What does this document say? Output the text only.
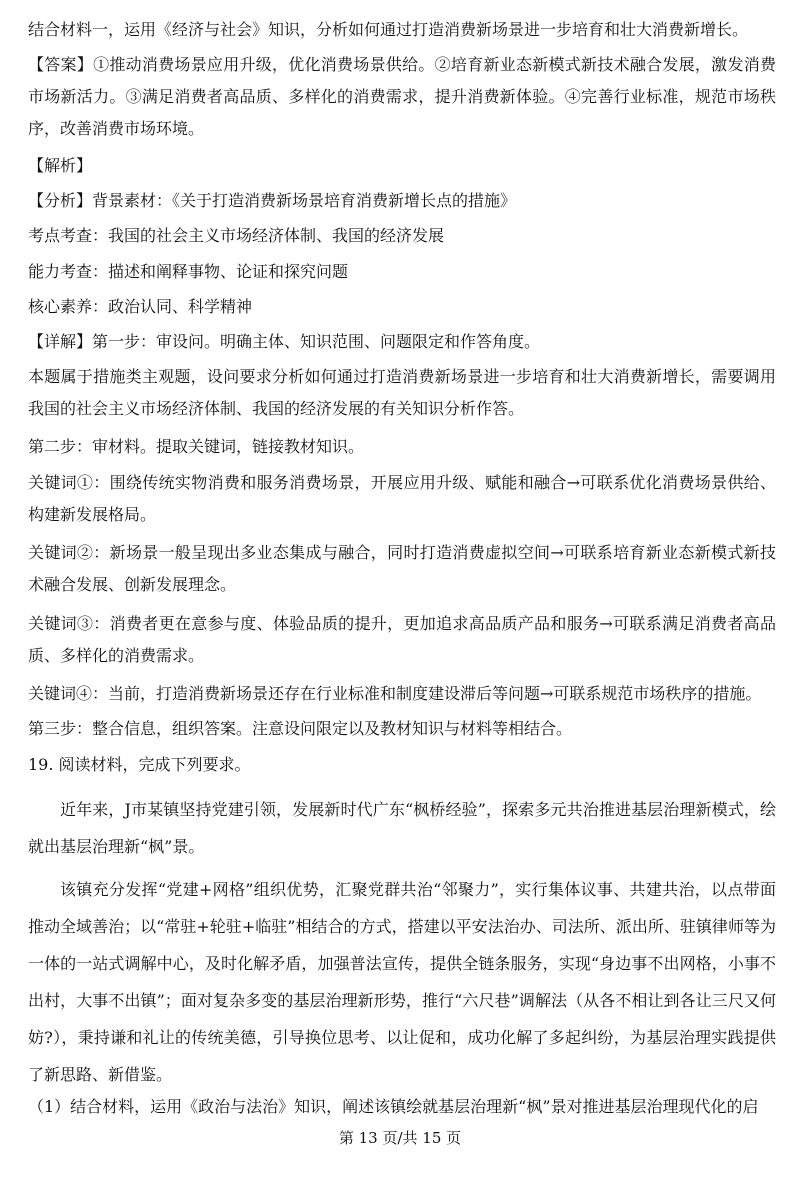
结合材料一，运用《经济与社会》知识，分析如何通过打造消费新场景进一步培育和壮大消费新增长。

【答案】①推动消费场景应用升级，优化消费场景供给。②培育新业态新模式新技术融合发展，激发消费市场新活力。③满足消费者高品质、多样化的消费需求，提升消费新体验。④完善行业标准，规范市场秩序，改善消费市场环境。

【解析】

【分析】背景素材：《关于打造消费新场景培育消费新增长点的措施》

考点考查：我国的社会主义市场经济体制、我国的经济发展

能力考查：描述和阐释事物、论证和探究问题

核心素养：政治认同、科学精神

【详解】第一步：审设问。明确主体、知识范围、问题限定和作答角度。

本题属于措施类主观题，设问要求分析如何通过打造消费新场景进一步培育和壮大消费新增长，需要调用我国的社会主义市场经济体制、我国的经济发展的有关知识分析作答。

第二步：审材料。提取关键词，链接教材知识。

关键词①：围绕传统实物消费和服务消费场景，开展应用升级、赋能和融合→可联系优化消费场景供给、构建新发展格局。

关键词②：新场景一般呈现出多业态集成与融合，同时打造消费虚拟空间→可联系培育新业态新模式新技术融合发展、创新发展理念。

关键词③：消费者更在意参与度、体验品质的提升，更加追求高品质产品和服务→可联系满足消费者高品质、多样化的消费需求。

关键词④：当前，打造消费新场景还存在行业标准和制度建设滞后等问题→可联系规范市场秩序的措施。

第三步：整合信息，组织答案。注意设问限定以及教材知识与材料等相结合。

19. 阅读材料，完成下列要求。

近年来，J市某镇坚持党建引领，发展新时代广东“枫桥经验”，探索多元共治推进基层治理新模式，绘就出基层治理新“枫”景。

该镇充分发挥“党建+网格”组织优势，汇聚党群共治“邻聚力”，实行集体议事、共建共治，以点带面推动全域善治；以“常驻+轮驻+临驻”相结合的方式，搭建以平安法治办、司法所、派出所、驻镇律师等为一体的一站式调解中心，及时化解矛盾，加强普法宣传，提供全链条服务，实现“身边事不出网格，小事不出村，大事不出镇”；面对复杂多变的基层治理新形势，推行“六尺巷”调解法（从各不相让到各让三尺又何妨?），秉持谦和礼让的传统美德，引导换位思考、以让促和，成功化解了多起纠纷，为基层治理实践提供了新思路、新借鉴。

（1）结合材料，运用《政治与法治》知识，阐述该镇绘就基层治理新“枫”景对推进基层治理现代化的启

第 13 页/共 15 页
